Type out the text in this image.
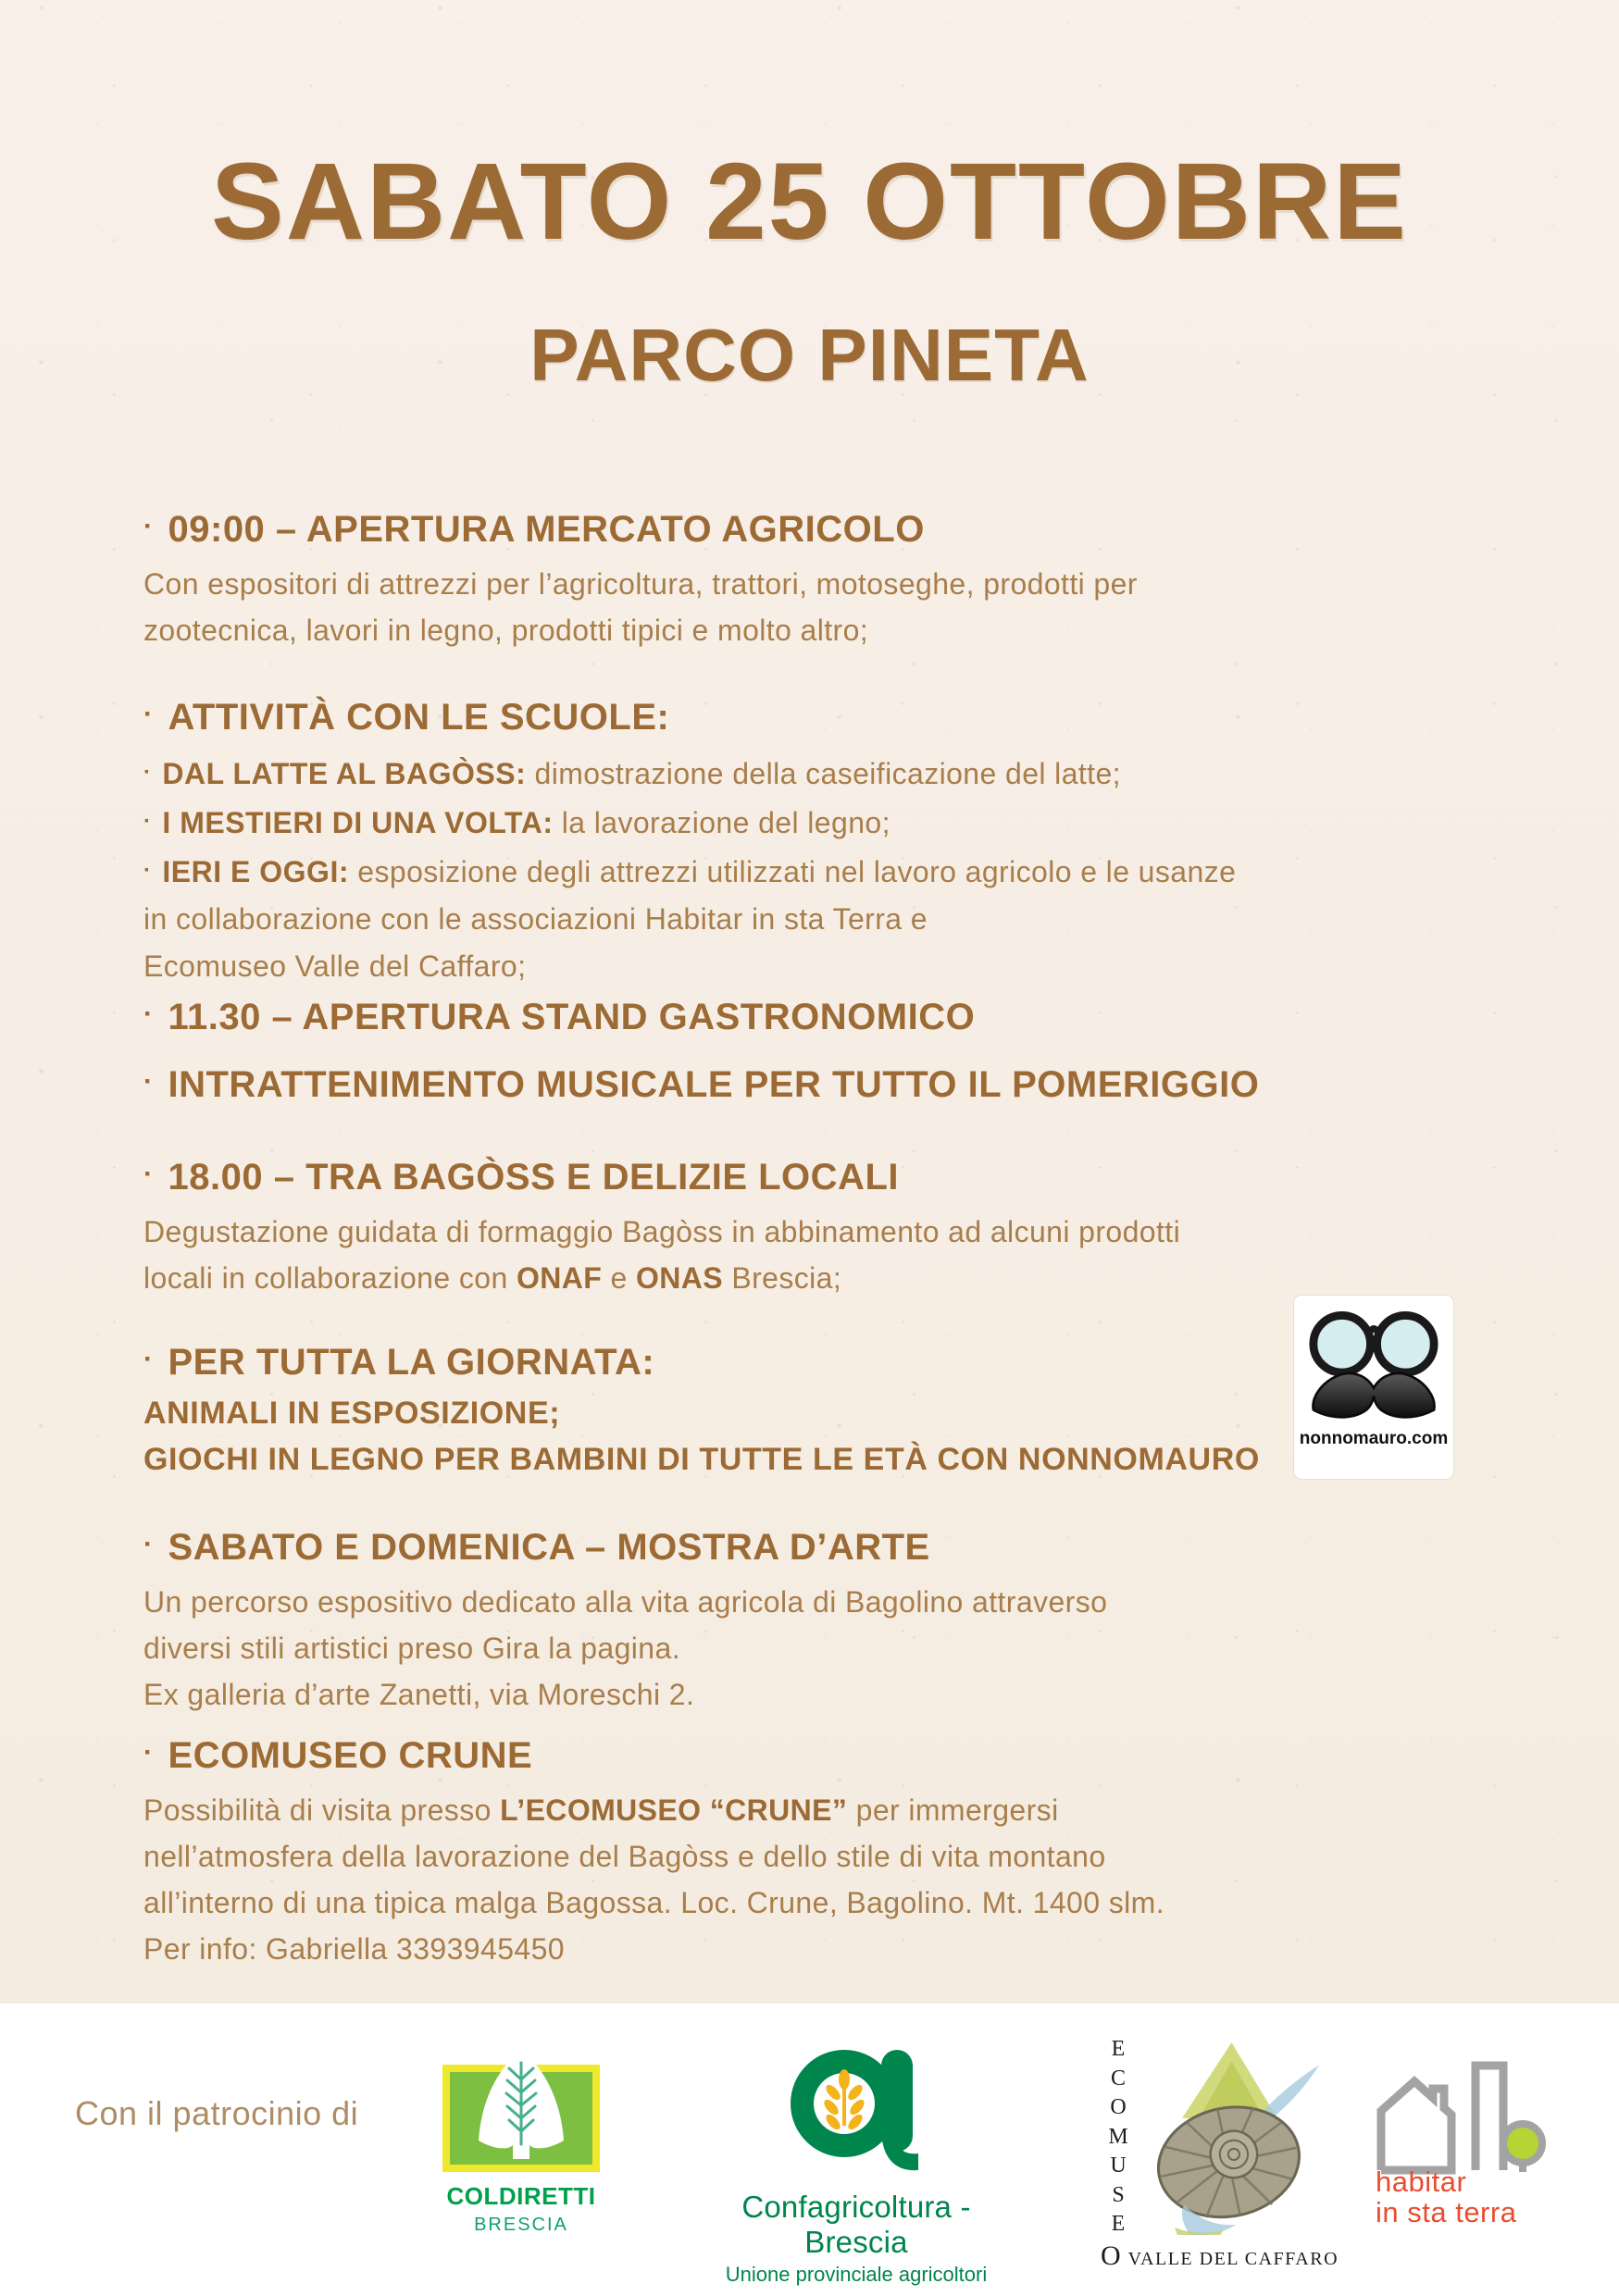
SABATO 25 OTTOBRE
PARCO PINETA
· 09:00 – APERTURA MERCATO AGRICOLO

Con espositori di attrezzi per l’agricoltura, trattori, motoseghe, prodotti per
zootecnica, lavori in legno, prodotti tipici e molto altro;

· ATTIVITÀ CON LE SCUOLE:
· DAL LATTE AL BAGÒSS: dimostrazione della caseificazione del latte;
· I MESTIERI DI UNA VOLTA: la lavorazione del legno;
· IERI E OGGI: esposizione degli attrezzi utilizzati nel lavoro agricolo e le usanze
in collaborazione con le associazioni Habitar in sta Terra e
Ecomuseo Valle del Caffaro;
· 11.30 – APERTURA STAND GASTRONOMICO
· INTRATTENIMENTO MUSICALE PER TUTTO IL POMERIGGIO
· 18.00 – TRA BAGÒSS E DELIZIE LOCALI

Degustazione guidata di formaggio Bagòss in abbinamento ad alcuni prodotti
locali in collaborazione con ONAF e ONAS Brescia;

· PER TUTTA LA GIORNATA:
ANIMALI IN ESPOSIZIONE;
GIOCHI IN LEGNO PER BAMBINI DI TUTTE LE ETÀ CON NONNOMAURO
nonnomauro.com
· SABATO E DOMENICA – MOSTRA D’ARTE

Un percorso espositivo dedicato alla vita agricola di Bagolino attraverso
diversi stili artistici preso Gira la pagina.
Ex galleria d’arte Zanetti, via Moreschi 2.

· ECOMUSEO CRUNE

Possibilità di visita presso L’ECOMUSEO “CRUNE” per immergersi
nell’atmosfera della lavorazione del Bagòss e dello stile di vita montano
all’interno di una tipica malga Bagossa. Loc. Crune, Bagolino. Mt. 1400 slm.
Per info: Gabriella 3393945450

Con il patrocinio di
COLDIRETTI
BRESCIA
Confagricoltura - Brescia
Unione provinciale agricoltori
E
C
O
M
U
S
E
OVALLE DEL CAFFARO
habitar
in sta terra
